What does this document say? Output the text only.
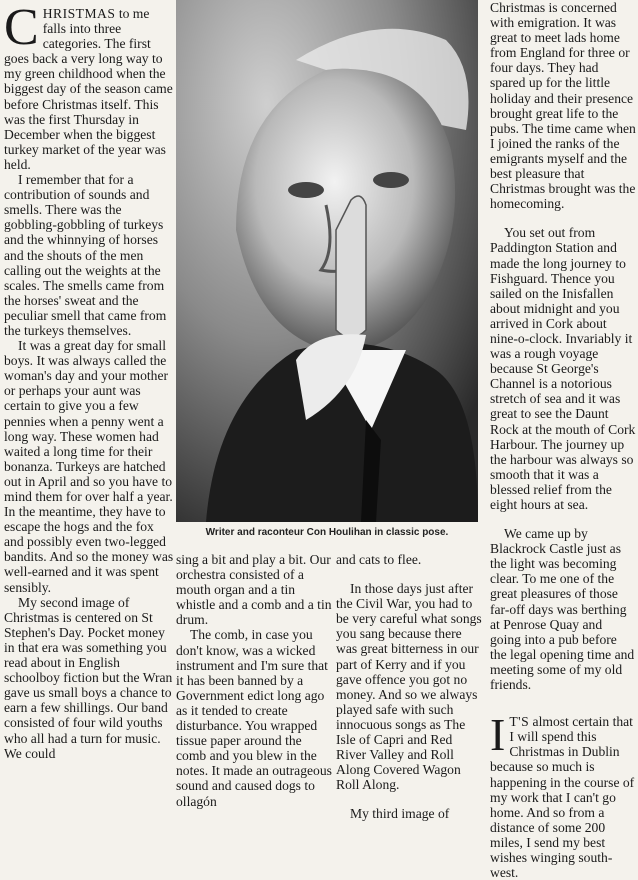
CHRISTMAS to me falls into three categories. The first goes back a very long way to my green childhood when the biggest day of the season came before Christmas itself. This was the first Thursday in December when the biggest turkey market of the year was held.

I remember that for a contribution of sounds and smells. There was the gobbling-gobbling of turkeys and the whinnying of horses and the shouts of the men calling out the weights at the scales. The smells came from the horses' sweat and the peculiar smell that came from the turkeys themselves.

It was a great day for small boys. It was always called the woman's day and your mother or perhaps your aunt was certain to give you a few pennies when a penny went a long way. These women had waited a long time for their bonanza. Turkeys are hatched out in April and so you have to mind them for over half a year. In the meantime, they have to escape the hogs and the fox and possibly even two-legged bandits. And so the money was well-earned and it was spent sensibly.

My second image of Christmas is centered on St Stephen's Day. Pocket money in that era was something you read about in English schoolboy fiction but the Wran gave us small boys a chance to earn a few shillings. Our band consisted of four wild youths who all had a turn for music. We could

Writer and raconteur Con Houlihan in classic pose.

sing a bit and play a bit. Our orchestra consisted of a mouth organ and a tin whistle and a comb and a tin drum.

The comb, in case you don't know, was a wicked instrument and I'm sure that it has been banned by a Government edict long ago as it tended to create disturbance. You wrapped tissue paper around the comb and you blew in the notes. It made an outrageous sound and caused dogs to ollagón

and cats to flee.

In those days just after the Civil War, you had to be very careful what songs you sang because there was great bitterness in our part of Kerry and if you gave offence you got no money. And so we always played safe with such innocuous songs as The Isle of Capri and Red River Valley and Roll Along Covered Wagon Roll Along.

My third image of

Christmas is concerned with emigration. It was great to meet lads home from England for three or four days. They had spared up for the little holiday and their presence brought great life to the pubs. The time came when I joined the ranks of the emigrants myself and the best pleasure that Christmas brought was the homecoming.

You set out from Paddington Station and made the long journey to Fishguard. Thence you sailed on the Inisfallen about midnight and you arrived in Cork about nine-o-clock. Invariably it was a rough voyage because St George's Channel is a notorious stretch of sea and it was great to see the Daunt Rock at the mouth of Cork Harbour. The journey up the harbour was always so smooth that it was a blessed relief from the eight hours at sea.

We came up by Blackrock Castle just as the light was becoming clear. To me one of the great pleasures of those far-off days was berthing at Penrose Quay and going into a pub before the legal opening time and meeting some of my old friends.

I T'S almost certain that I will spend this Christmas in Dublin because so much is happening in the course of my work that I can't go home. And so from a distance of some 200 miles, I send my best wishes winging south-west.
